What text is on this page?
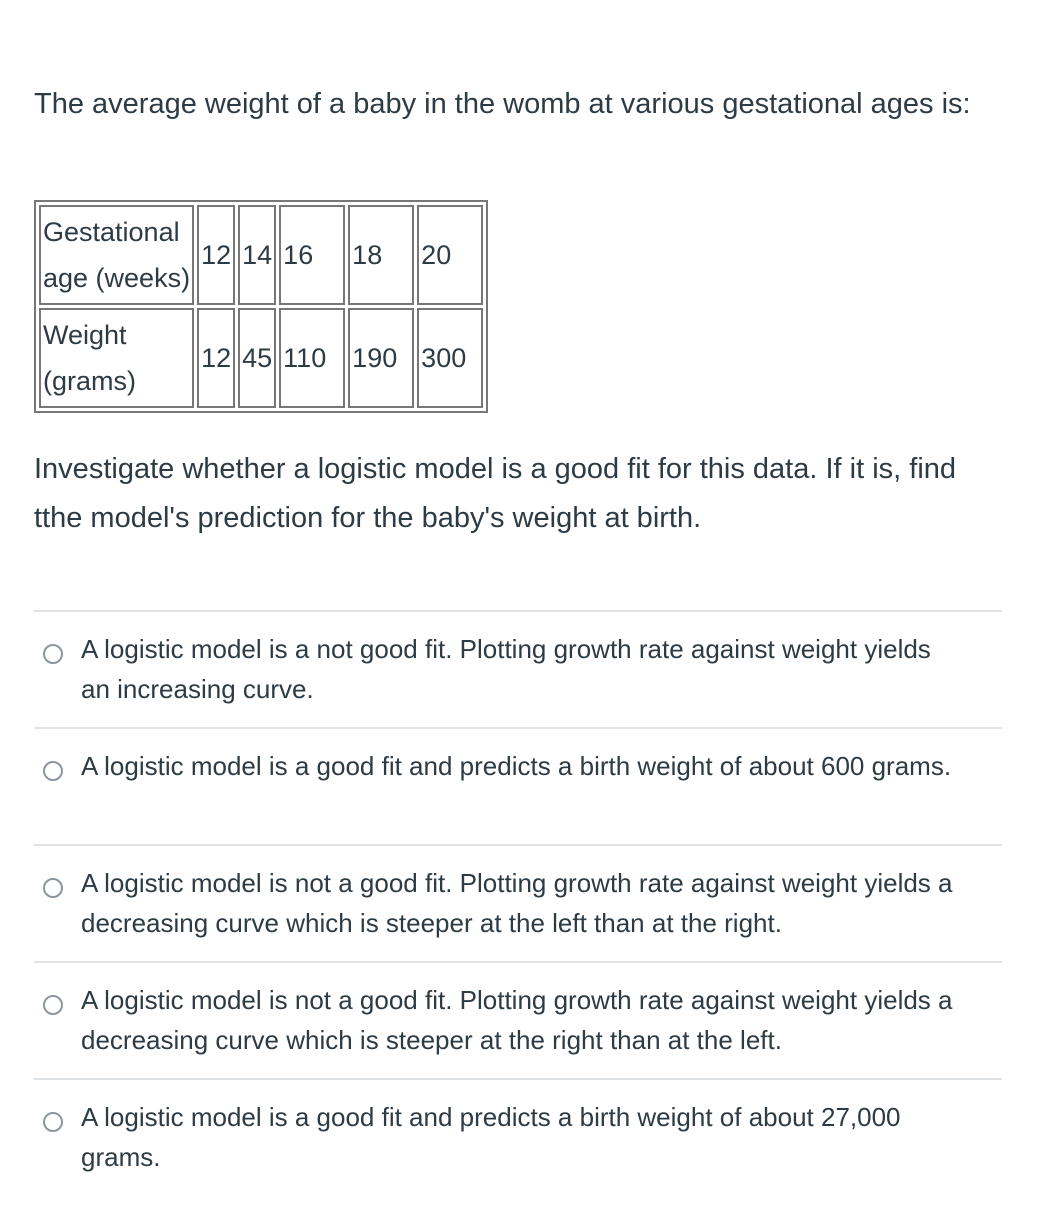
The average weight of a baby in the womb at various gestational ages is:

Gestational
age (weeks)	12	14	16	18	20
Weight
(grams)	12	45	110	190	300

Investigate whether a logistic model is a good fit for this data. If it is, find tthe model's prediction for the baby's weight at birth.

A logistic model is a not good fit. Plotting growth rate against weight yields an increasing curve.
A logistic model is a good fit and predicts a birth weight of about 600 grams.
A logistic model is not a good fit. Plotting growth rate against weight yields a decreasing curve which is steeper at the left than at the right.
A logistic model is not a good fit. Plotting growth rate against weight yields a decreasing curve which is steeper at the right than at the left.
A logistic model is a good fit and predicts a birth weight of about 27,000 grams.
